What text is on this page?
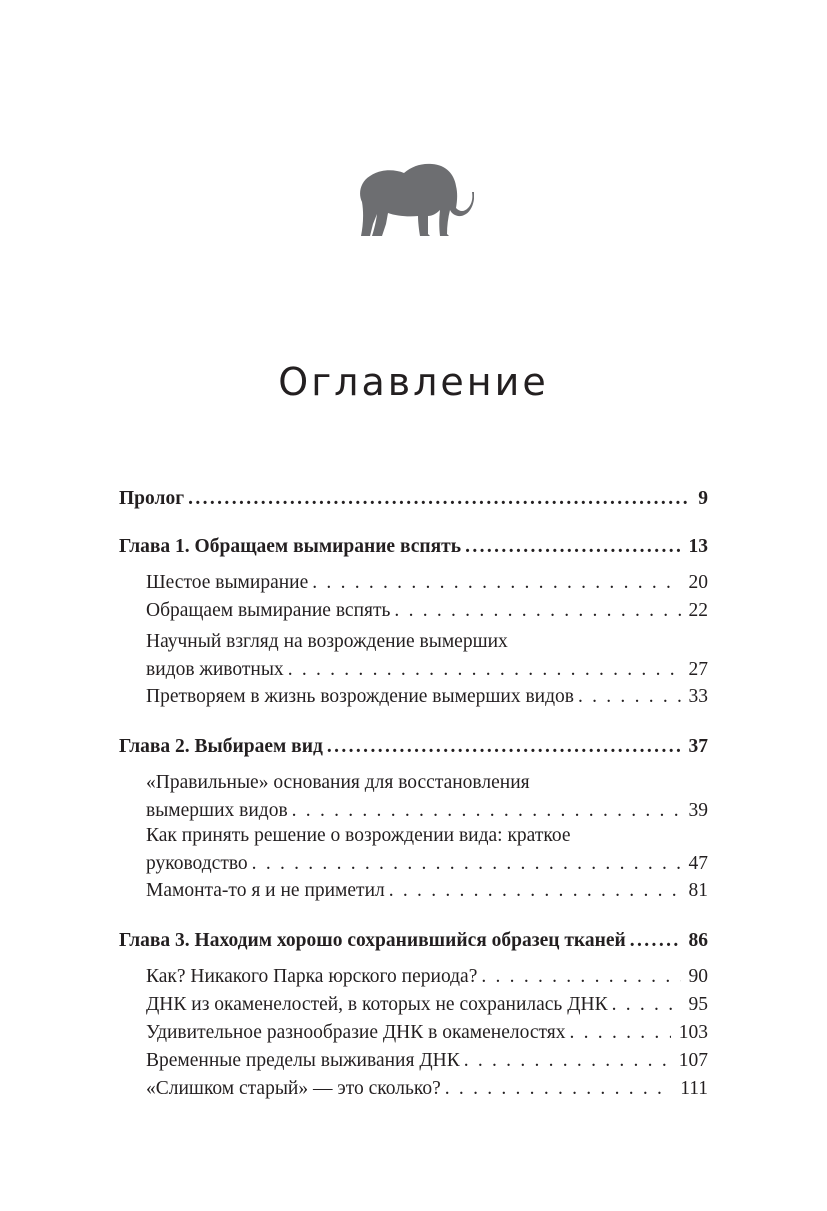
Оглавление
Пролог .....	9
Глава 1. Обращаем вымирание вспять .....	13
Шестое вымирание . . .	20
Обращаем вымирание вспять . . .	22
Научный взгляд на возрождение вымерших
видов животных . . .	27
Претворяем в жизнь возрождение вымерших видов . . .	33
Глава 2. Выбираем вид .....	37
«Правильные» основания для восстановления
вымерших видов . . .	39
Как принять решение о возрождении вида: краткое
руководство . . .	47
Мамонта-то я и не приметил . . .	81
Глава 3. Находим хорошо сохранившийся образец тканей .....	86
Как? Никакого Парка юрского периода? . . .	90
ДНК из окаменелостей, в которых не сохранилась ДНК . . .	95
Удивительное разнообразие ДНК в окаменелостях . . .	103
Временные пределы выживания ДНК . . .	107
«Слишком старый» — это сколько? . . .	111
